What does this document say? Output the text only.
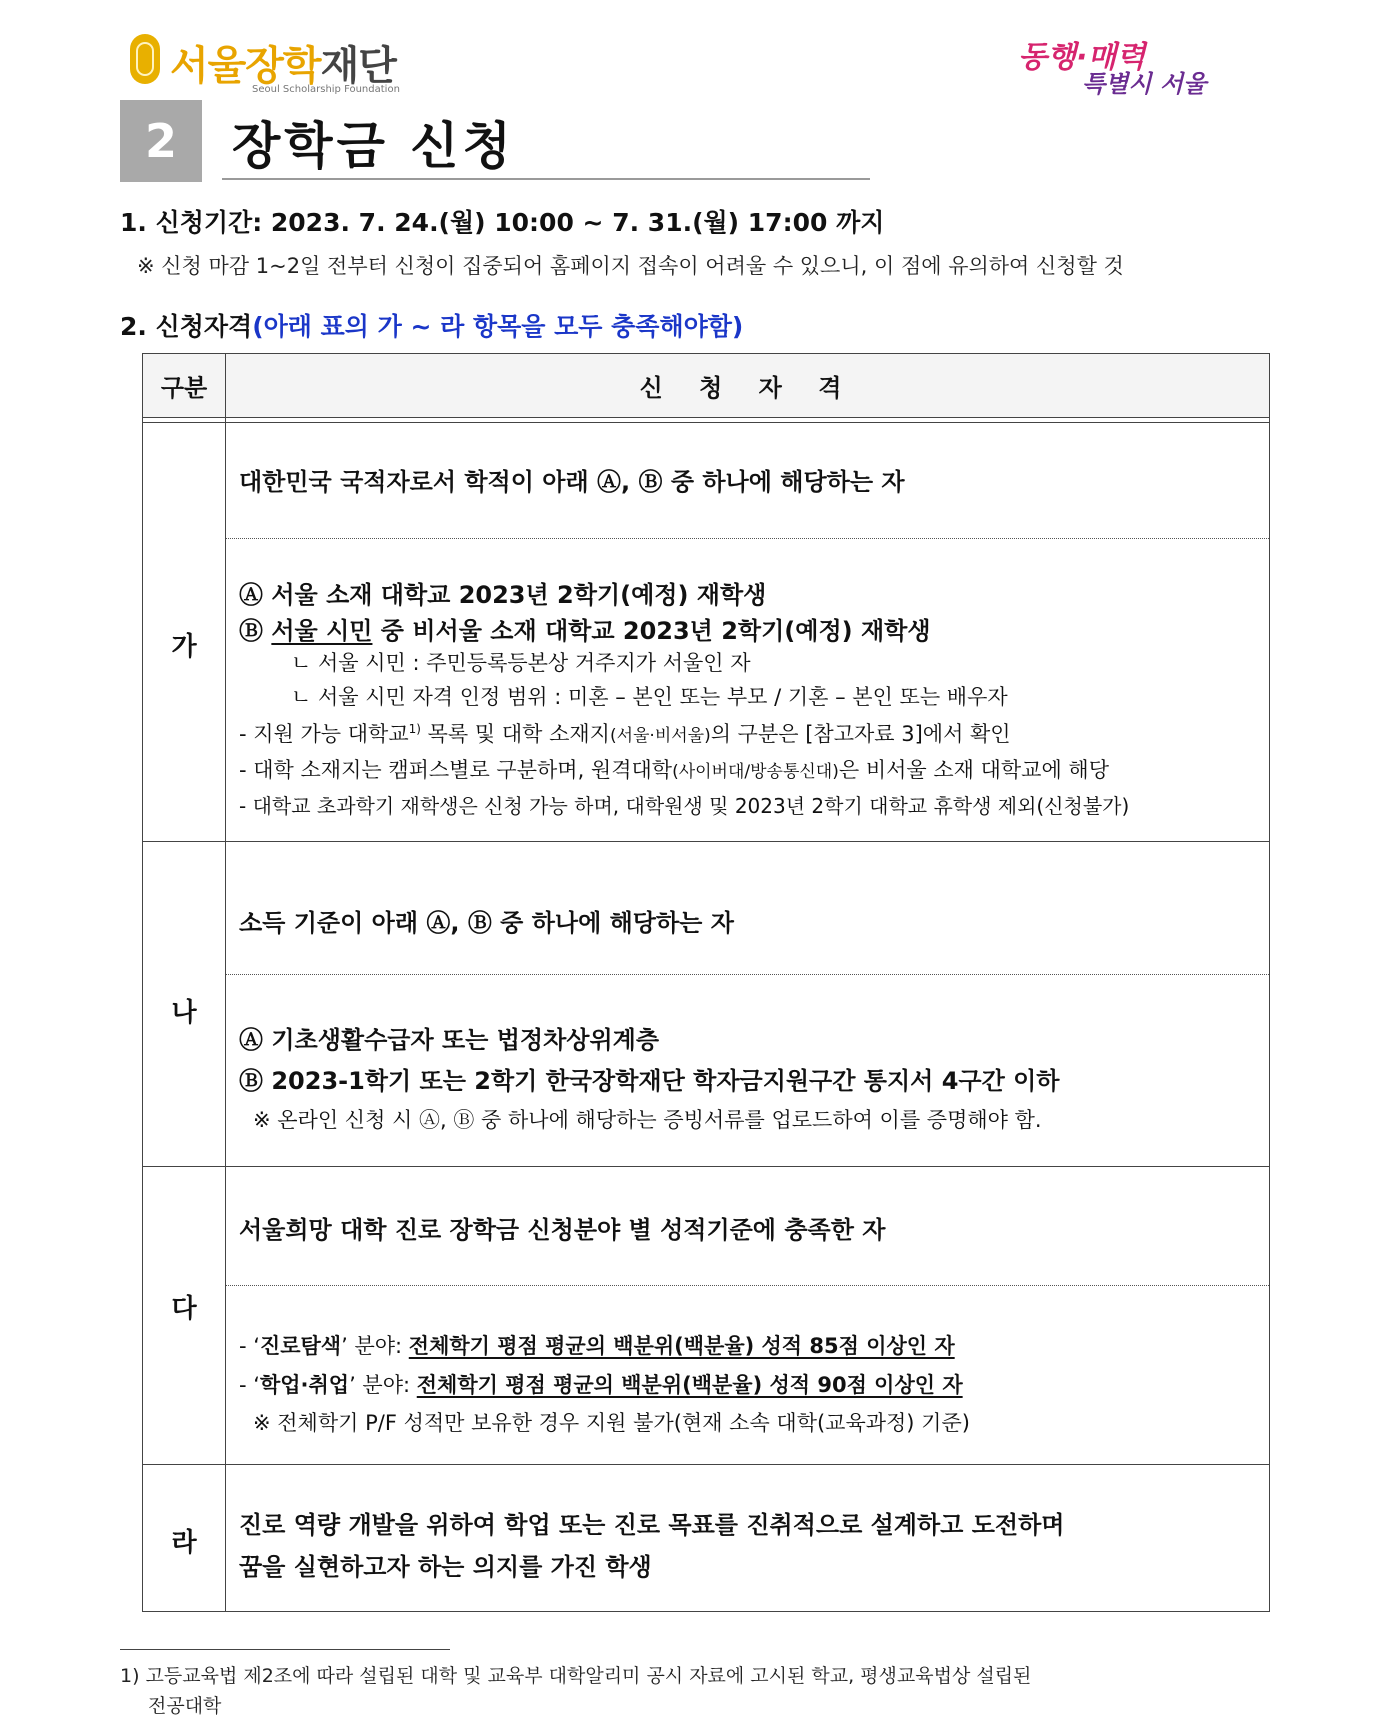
서울장학재단
Seoul Scholarship Foundation
동행·매력
특별시 서울
2	장학금 신청
1. 신청기간: 2023. 7. 24.(월) 10:00 ~ 7. 31.(월) 17:00 까지
※ 신청 마감 1~2일 전부터 신청이 집중되어 홈페이지 접속이 어려울 수 있으니, 이 점에 유의하여 신청할 것
2. 신청자격(아래 표의 가 ~ 라 항목을 모두 충족해야함)
구분	신 청 자 격
가
대한민국 국적자로서 학적이 아래 Ⓐ, Ⓑ 중 하나에 해당하는 자
Ⓐ 서울 소재 대학교 2023년 2학기(예정) 재학생
Ⓑ 서울 시민 중 비서울 소재 대학교 2023년 2학기(예정) 재학생
ㄴ 서울 시민 : 주민등록등본상 거주지가 서울인 자
ㄴ 서울 시민 자격 인정 범위 : 미혼 – 본인 또는 부모 / 기혼 – 본인 또는 배우자
- 지원 가능 대학교$^{1)}$ 목록 및 대학 소재지(서울·비서울)의 구분은 [참고자료 3]에서 확인
- 대학 소재지는 캠퍼스별로 구분하며, 원격대학(사이버대/방송통신대)은 비서울 소재 대학교에 해당
- 대학교 초과학기 재학생은 신청 가능 하며, 대학원생 및 2023년 2학기 대학교 휴학생 제외(신청불가)
나
소득 기준이 아래 Ⓐ, Ⓑ 중 하나에 해당하는 자
Ⓐ 기초생활수급자 또는 법정차상위계층
Ⓑ 2023-1학기 또는 2학기 한국장학재단 학자금지원구간 통지서 4구간 이하
※ 온라인 신청 시 Ⓐ, Ⓑ 중 하나에 해당하는 증빙서류를 업로드하여 이를 증명해야 함.
다
서울희망 대학 진로 장학금 신청분야 별 성적기준에 충족한 자
- ‘진로탐색’ 분야: 전체학기 평점 평균의 백분위(백분율) 성적 85점 이상인 자
- ‘학업·취업’ 분야: 전체학기 평점 평균의 백분위(백분율) 성적 90점 이상인 자
※ 전체학기 P/F 성적만 보유한 경우 지원 불가(현재 소속 대학(교육과정) 기준)
라
진로 역량 개발을 위하여 학업 또는 진로 목표를 진취적으로 설계하고 도전하며
꿈을 실현하고자 하는 의지를 가진 학생
1) 고등교육법 제2조에 따라 설립된 대학 및 교육부 대학알리미 공시 자료에 고시된 학교, 평생교육법상 설립된
전공대학
